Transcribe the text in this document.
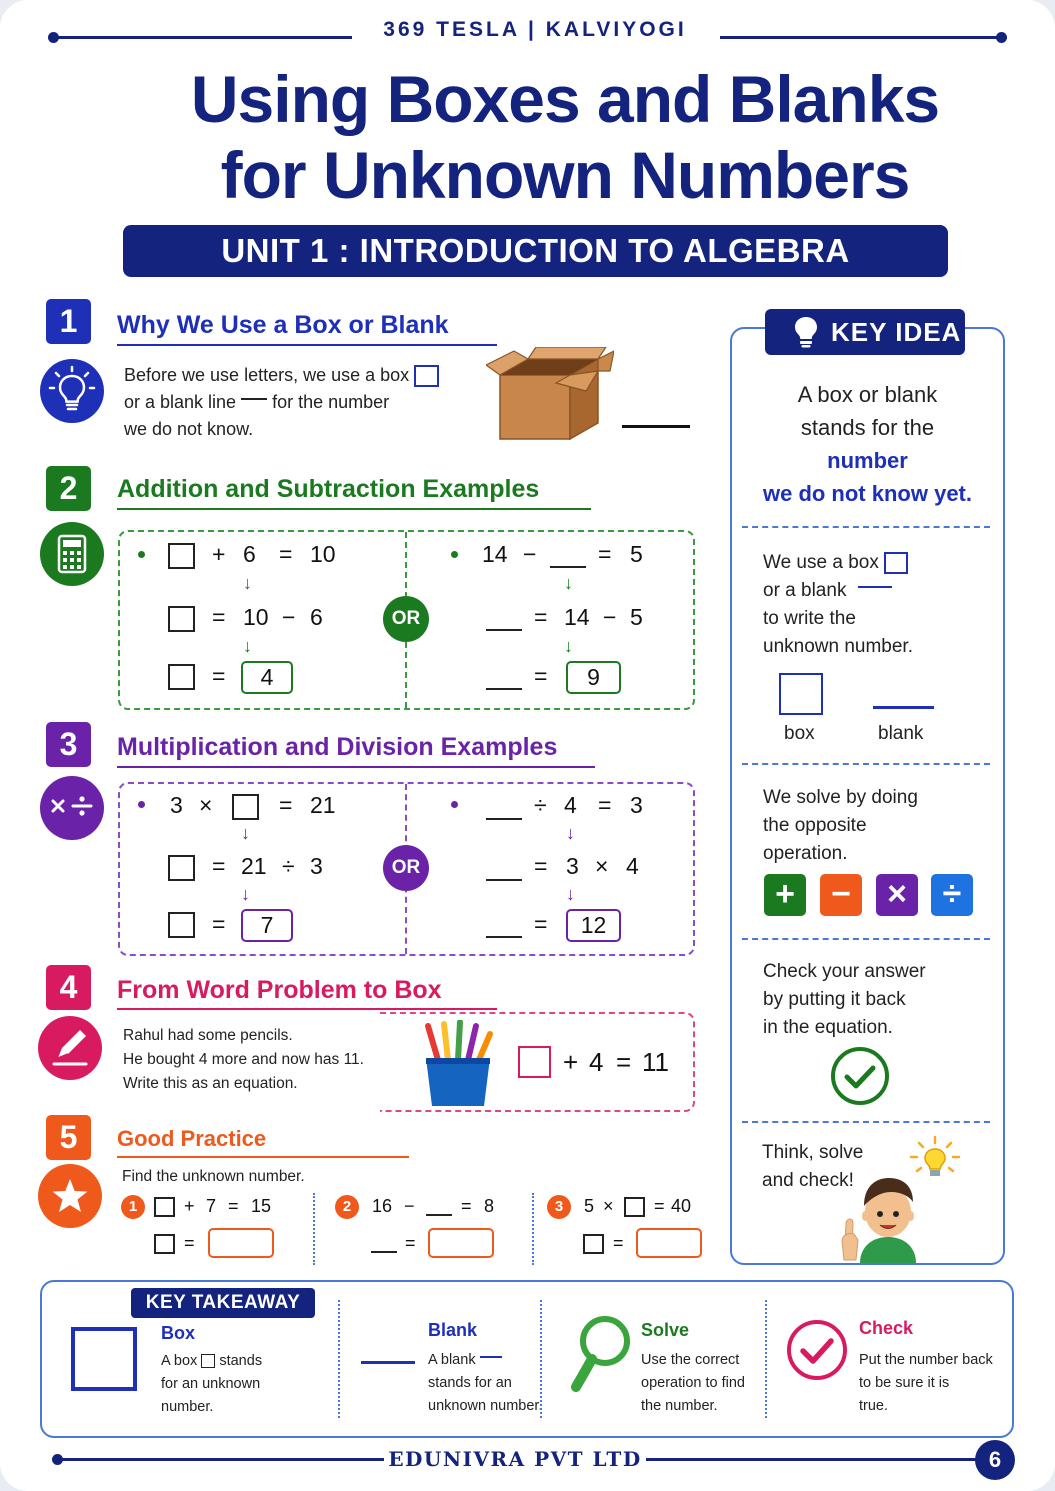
369 TESLA | KALVIYOGI
Using Boxes and Blanks
for Unknown Numbers
UNIT 1 : INTRODUCTION TO ALGEBRA
1	Why We Use a Box or Blank
Before we use letters, we use a box
or a blank line for the number
we do not know.
2	Addition and Subtraction Examples
OR
+ 6 = 10
↓
= 10 − 6
↓
=	4
14 −	= 5
↓
= 14 − 5
↓
=	9
3	Multiplication and Division Examples
OR
3 ×	= 21
↓
= 21 ÷ 3
↓
=	7
÷ 4 = 3
↓
= 3 × 4
↓
=	12
4	From Word Problem to Box
Rahul had some pencils.
He bought 4 more and now has 11.
Write this as an equation.
+ 4 = 11
5	Good Practice
Find the unknown number.
1	+ 7 = 15
=
2	16 −	= 8
=
3	5 × = 40
=
KEY IDEA
A box or blank
stands for the
number
we do not know yet.
We use a box
or a blank
to write the
unknown number.
box	blank
We solve by doing
the opposite
operation.
+	−	×	÷
Check your answer
by putting it back
in the equation.
Think, solve
and check!
KEY TAKEAWAY
Box
A box stands
for an unknown
number.
Blank
A blank
stands for an
unknown number.
Solve
Use the correct
operation to find
the number.
Check
Put the number back
to be sure it is
true.
EDUNIVRA PVT LTD	6
